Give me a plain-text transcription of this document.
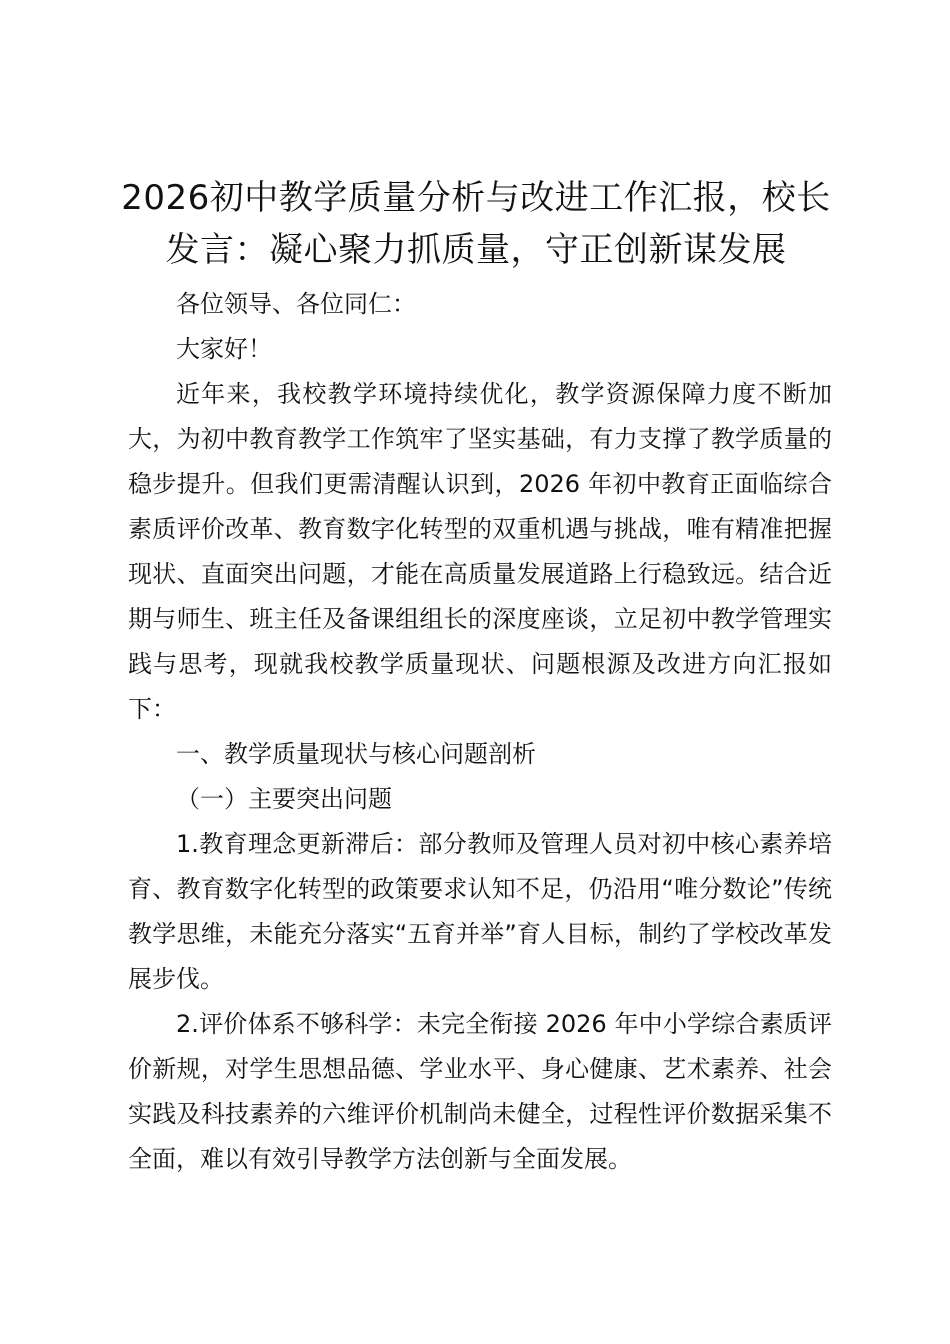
2026初中教学质量分析与改进工作汇报，校长发言：凝心聚力抓质量，守正创新谋发展

各位领导、各位同仁：

大家好！

近年来，我校教学环境持续优化，教学资源保障力度不断加大，为初中教育教学工作筑牢了坚实基础，有力支撑了教学质量的稳步提升。但我们更需清醒认识到，2026 年初中教育正面临综合素质评价改革、教育数字化转型的双重机遇与挑战，唯有精准把握现状、直面突出问题，才能在高质量发展道路上行稳致远。结合近期与师生、班主任及备课组组长的深度座谈，立足初中教学管理实践与思考，现就我校教学质量现状、问题根源及改进方向汇报如下：

一、教学质量现状与核心问题剖析

（一）主要突出问题

1.教育理念更新滞后：部分教师及管理人员对初中核心素养培育、教育数字化转型的政策要求认知不足，仍沿用“唯分数论”传统教学思维，未能充分落实“五育并举”育人目标，制约了学校改革发展步伐。

2.评价体系不够科学：未完全衔接 2026 年中小学综合素质评价新规，对学生思想品德、学业水平、身心健康、艺术素养、社会实践及科技素养的六维评价机制尚未健全，过程性评价数据采集不全面，难以有效引导教学方法创新与全面发展。
